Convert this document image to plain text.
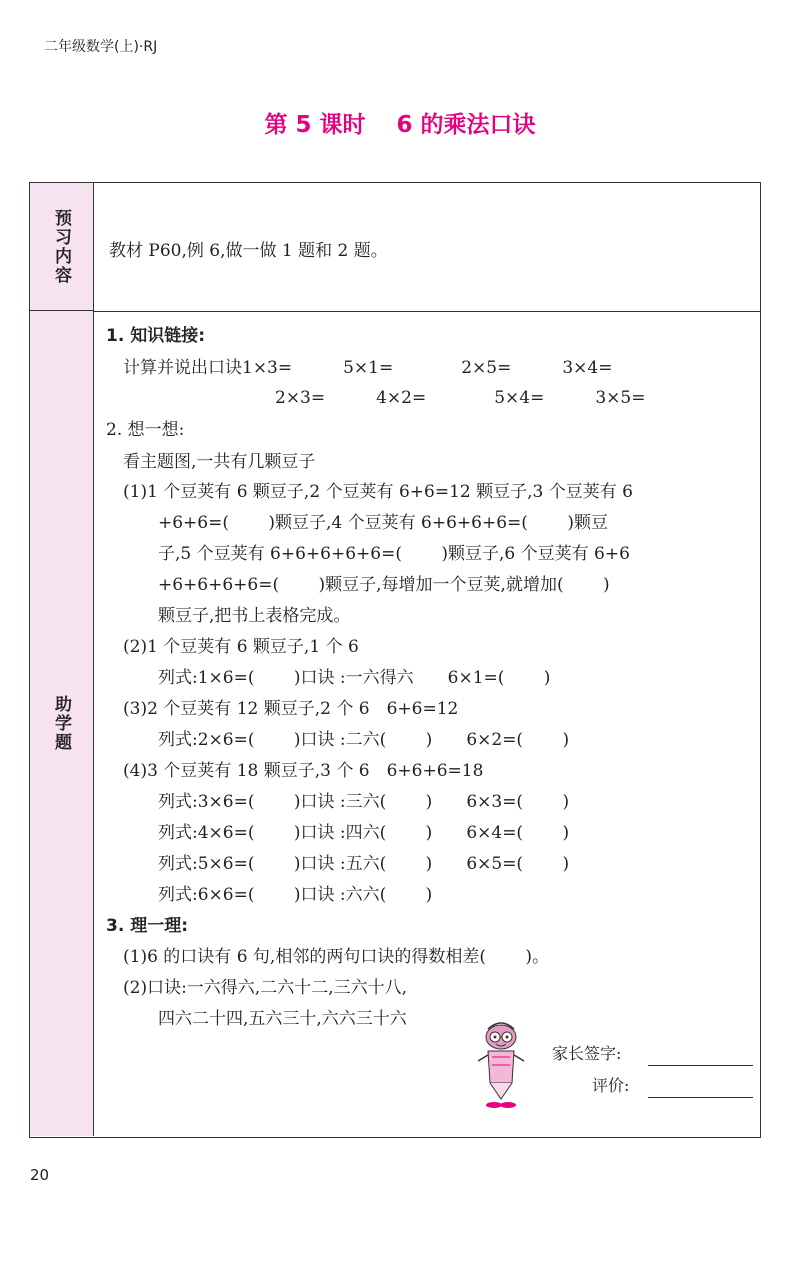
二年级数学(上)·RJ
第 5 课时　 6 的乘法口诀
预习内容 教材 P60,例 6,做一做 1 题和 2 题。
助学题
1. 知识链接:
计算并说出口诀1×3=　　　5×1=　　　　2×5=　　　3×4=
2×3=　　　4×2=　　　　5×4=　　　3×5=
2. 想一想:
看主题图,一共有几颗豆子
(1)1 个豆荚有 6 颗豆子,2 个豆荚有 6+6=12 颗豆子,3 个豆荚有 6
+6+6=(　　 )颗豆子,4 个豆荚有 6+6+6+6=(　　 )颗豆
子,5 个豆荚有 6+6+6+6+6=(　　 )颗豆子,6 个豆荚有 6+6
+6+6+6+6=(　　 )颗豆子,每增加一个豆荚,就增加(　　 )
颗豆子,把书上表格完成。
(2)1 个豆荚有 6 颗豆子,1 个 6
列式:1×6=(　　 )口诀 :一六得六　　6×1=(　　 )
(3)2 个豆荚有 12 颗豆子,2 个 6　6+6=12
列式:2×6=(　　 )口诀 :二六(　　 )　　6×2=(　　 )
(4)3 个豆荚有 18 颗豆子,3 个 6　6+6+6=18
列式:3×6=(　　 )口诀 :三六(　　 )　　6×3=(　　 )
列式:4×6=(　　 )口诀 :四六(　　 )　　6×4=(　　 )
列式:5×6=(　　 )口诀 :五六(　　 )　　6×5=(　　 )
列式:6×6=(　　 )口诀 :六六(　　 )
3. 理一理:
(1)6 的口诀有 6 句,相邻的两句口诀的得数相差(　　 )。
(2)口诀:一六得六,二六十二,三六十八,
四六二十四,五六三十,六六三十六
家长签字:
评价:
20
